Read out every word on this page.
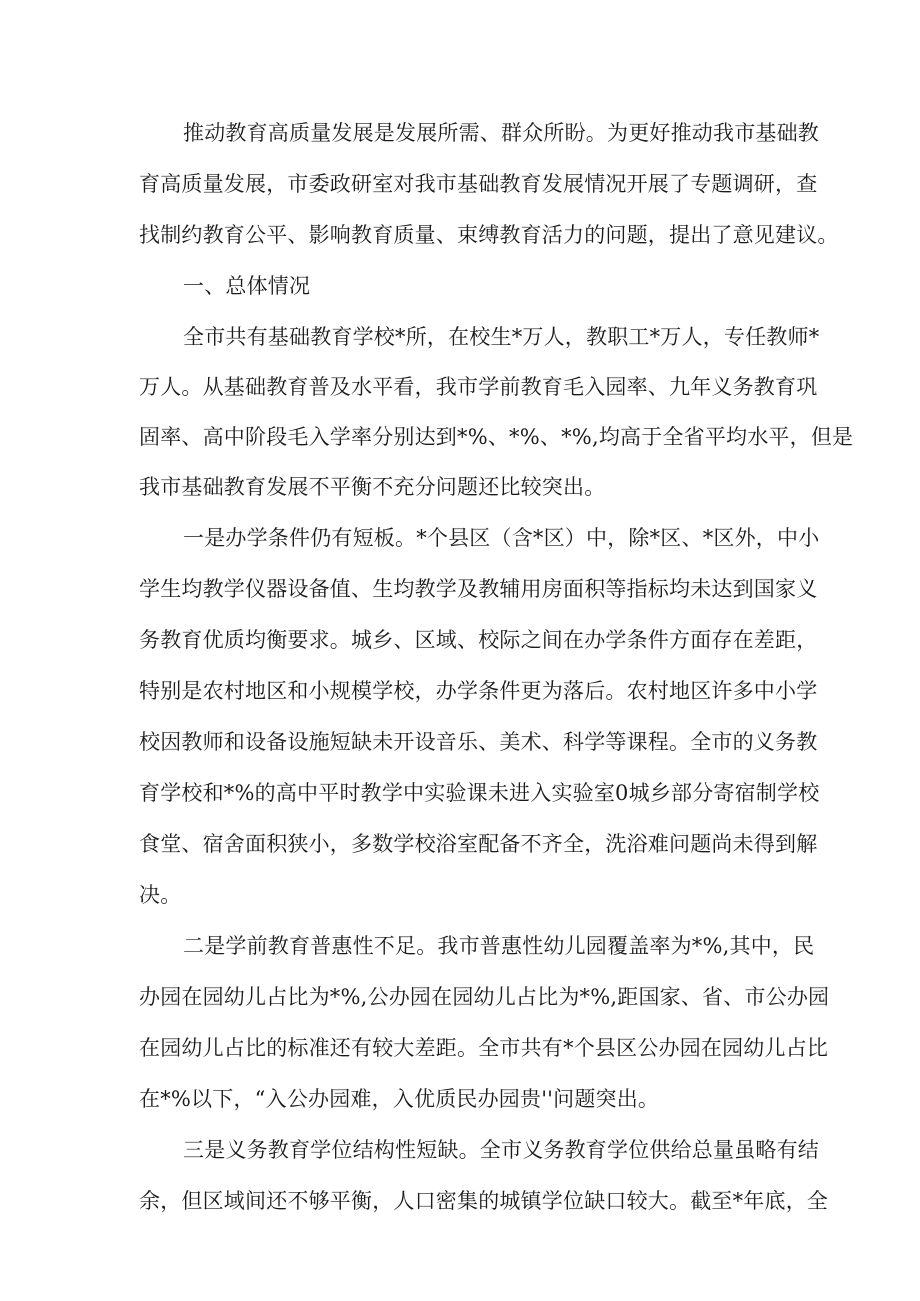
推动教育高质量发展是发展所需、群众所盼。为更好推动我市基础教
育高质量发展，市委政研室对我市基础教育发展情况开展了专题调研，查
找制约教育公平、影响教育质量、束缚教育活力的问题，提出了意见建议。
一、总体情况
全市共有基础教育学校*所，在校生*万人，教职工*万人，专任教师*
万人。从基础教育普及水平看，我市学前教育毛入园率、九年义务教育巩
固率、高中阶段毛入学率分别达到*%、*%、*%,均高于全省平均水平，但是
我市基础教育发展不平衡不充分问题还比较突出。
一是办学条件仍有短板。*个县区（含*区）中，除*区、*区外，中小
学生均教学仪器设备值、生均教学及教辅用房面积等指标均未达到国家义
务教育优质均衡要求。城乡、区域、校际之间在办学条件方面存在差距，
特别是农村地区和小规模学校，办学条件更为落后。农村地区许多中小学
校因教师和设备设施短缺未开设音乐、美术、科学等课程。全市的义务教
育学校和*%的高中平时教学中实验课未进入实验室0城乡部分寄宿制学校
食堂、宿舍面积狭小，多数学校浴室配备不齐全，洗浴难问题尚未得到解
决。
二是学前教育普惠性不足。我市普惠性幼儿园覆盖率为*%,其中，民
办园在园幼儿占比为*%,公办园在园幼儿占比为*%,距国家、省、市公办园
在园幼儿占比的标准还有较大差距。全市共有*个县区公办园在园幼儿占比
在*%以下，“入公办园难，入优质民办园贵''问题突出。
三是义务教育学位结构性短缺。全市义务教育学位供给总量虽略有结
余，但区域间还不够平衡，人口密集的城镇学位缺口较大。截至*年底，全
